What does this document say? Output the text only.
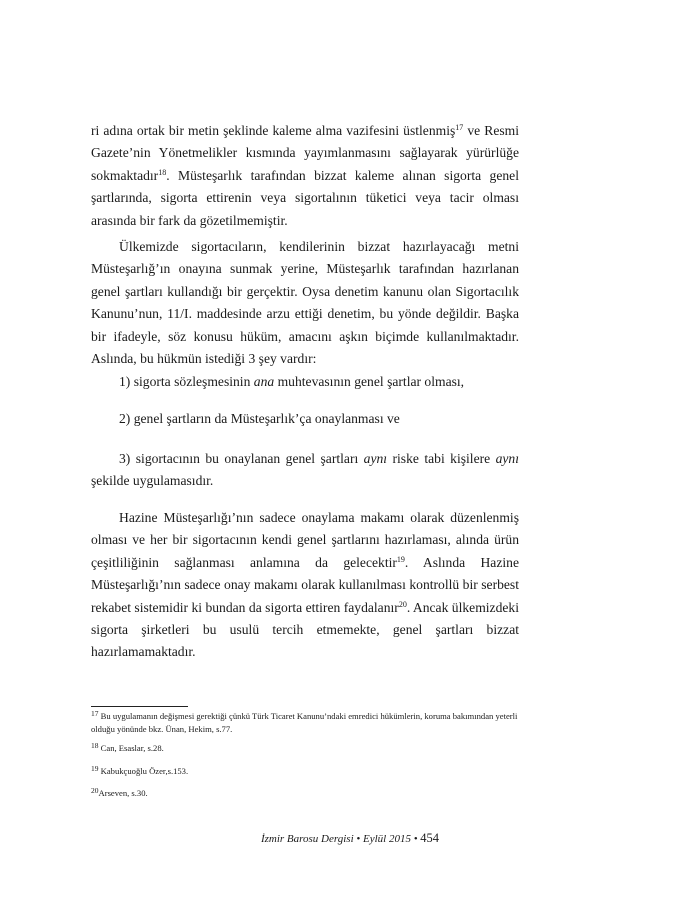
ri adına ortak bir metin şeklinde kaleme alma vazifesini üstlenmiş$^{17}$ ve Resmi Gazete’nin Yönetmelikler kısmında yayımlanmasını sağlayarak yürürlüğe sokmaktadır$^{18}$. Müsteşarlık tarafından bizzat kaleme alınan sigorta genel şartlarında, sigorta ettirenin veya sigortalının tüketici veya tacir olması arasında bir fark da gözetilmemiştir.

Ülkemizde sigortacıların, kendilerinin bizzat hazırlayacağı metni Müsteşarlığ’ın onayına sunmak yerine, Müsteşarlık tarafından hazırlanan genel şartları kullandığı bir gerçektir. Oysa denetim kanunu olan Sigortacılık Kanunu’nun, 11/I. maddesinde arzu ettiği denetim, bu yönde değildir. Başka bir ifadeyle, söz konusu hüküm, amacını aşkın biçimde kullanılmaktadır. Aslında, bu hükmün istediği 3 şey vardır:

1) sigorta sözleşmesinin ana muhtevasının genel şartlar olması,

2) genel şartların da Müsteşarlık’ça onaylanması ve

3) sigortacının bu onaylanan genel şartları aynı riske tabi kişilere aynı şekilde uygulamasıdır.

Hazine Müsteşarlığı’nın sadece onaylama makamı olarak düzenlenmiş olması ve her bir sigortacının kendi genel şartlarını hazırlaması, alında ürün çeşitliliğinin sağlanması anlamına da gelecektir$^{19}$. Aslında Hazine Müsteşarlığı’nın sadece onay makamı olarak kullanılması kontrollü bir serbest rekabet sistemidir ki bundan da sigorta ettiren faydalanır$^{20}$. Ancak ülkemizdeki sigorta şirketleri bu usulü tercih etmemekte, genel şartları bizzat hazırlamamaktadır.

$^{17}$ Bu uygulamanın değişmesi gerektiği çünkü Türk Ticaret Kanunu’ndaki emredici hükümlerin, koruma bakımından yeterli olduğu yönünde bkz. Ünan, Hekim, s.77.
$^{18}$ Can, Esaslar, s.28.
$^{19}$ Kabukçuoğlu Özer,s.153.
$^{20}$Arseven, s.30.
İzmir Barosu Dergisi • Eylül 2015 • 454
